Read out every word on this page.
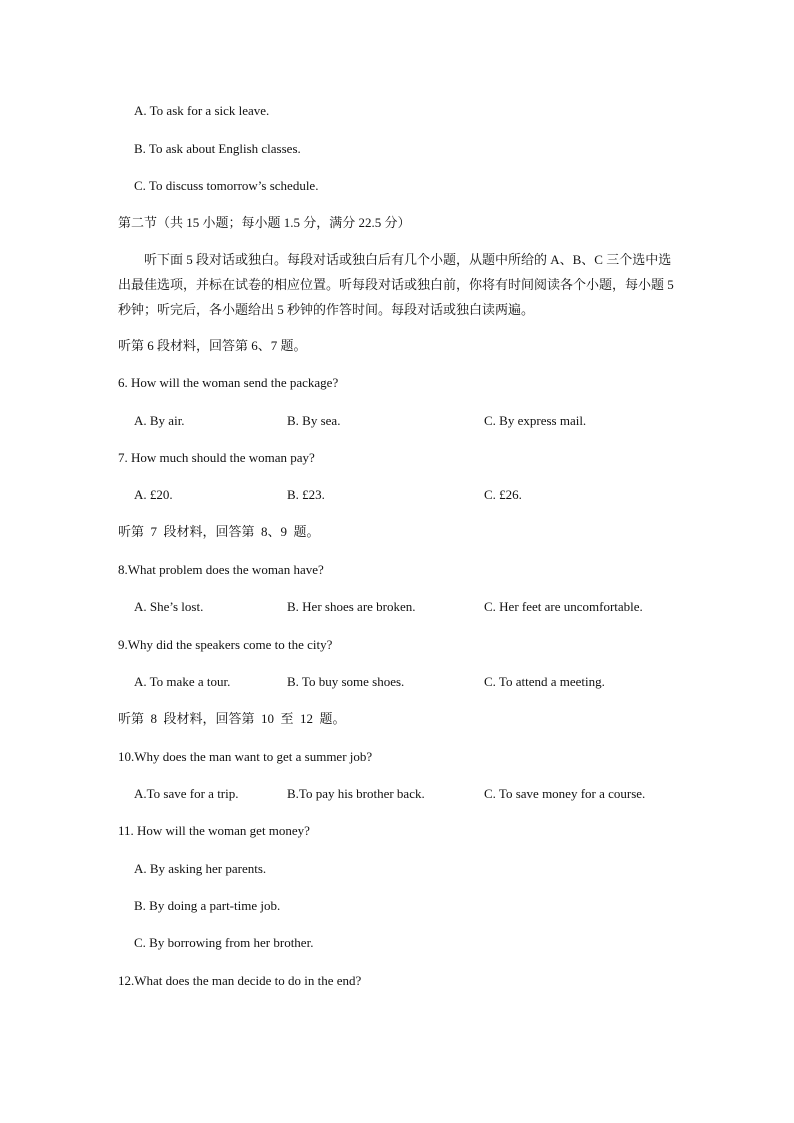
A. To ask for a sick leave.
B. To ask about English classes.
C. To discuss tomorrow’s schedule.
第二节（共 15 小题；每小题 1.5 分，满分 22.5 分）
听下面 5 段对话或独白。每段对话或独白后有几个小题，从题中所给的 A、B、C 三个选中选出最佳选项，并标在试卷的相应位置。听每段对话或独白前，你将有时间阅读各个小题，每小题 5 秒钟；听完后，各小题给出 5 秒钟的作答时间。每段对话或独白读两遍。
听第 6 段材料，回答第 6、7 题。
6. How will the woman send the package?
A. By air.	B. By sea.	C. By express mail.
7. How much should the woman pay?
A. £20.	B. £23.	C. £26.
听第  7  段材料，回答第  8、9  题。
8.What problem does the woman have?
A. She’s lost.	B. Her shoes are broken.	C. Her feet are uncomfortable.
9.Why did the speakers come to the city?
A. To make a tour.	B. To buy some shoes.	C. To attend a meeting.
听第  8  段材料，回答第  10  至  12  题。
10.Why does the man want to get a summer job?
A.To save for a trip.	B.To pay his brother back.	C. To save money for a course.
11. How will the woman get money?
A. By asking her parents.
B. By doing a part-time job.
C. By borrowing from her brother.
12.What does the man decide to do in the end?
